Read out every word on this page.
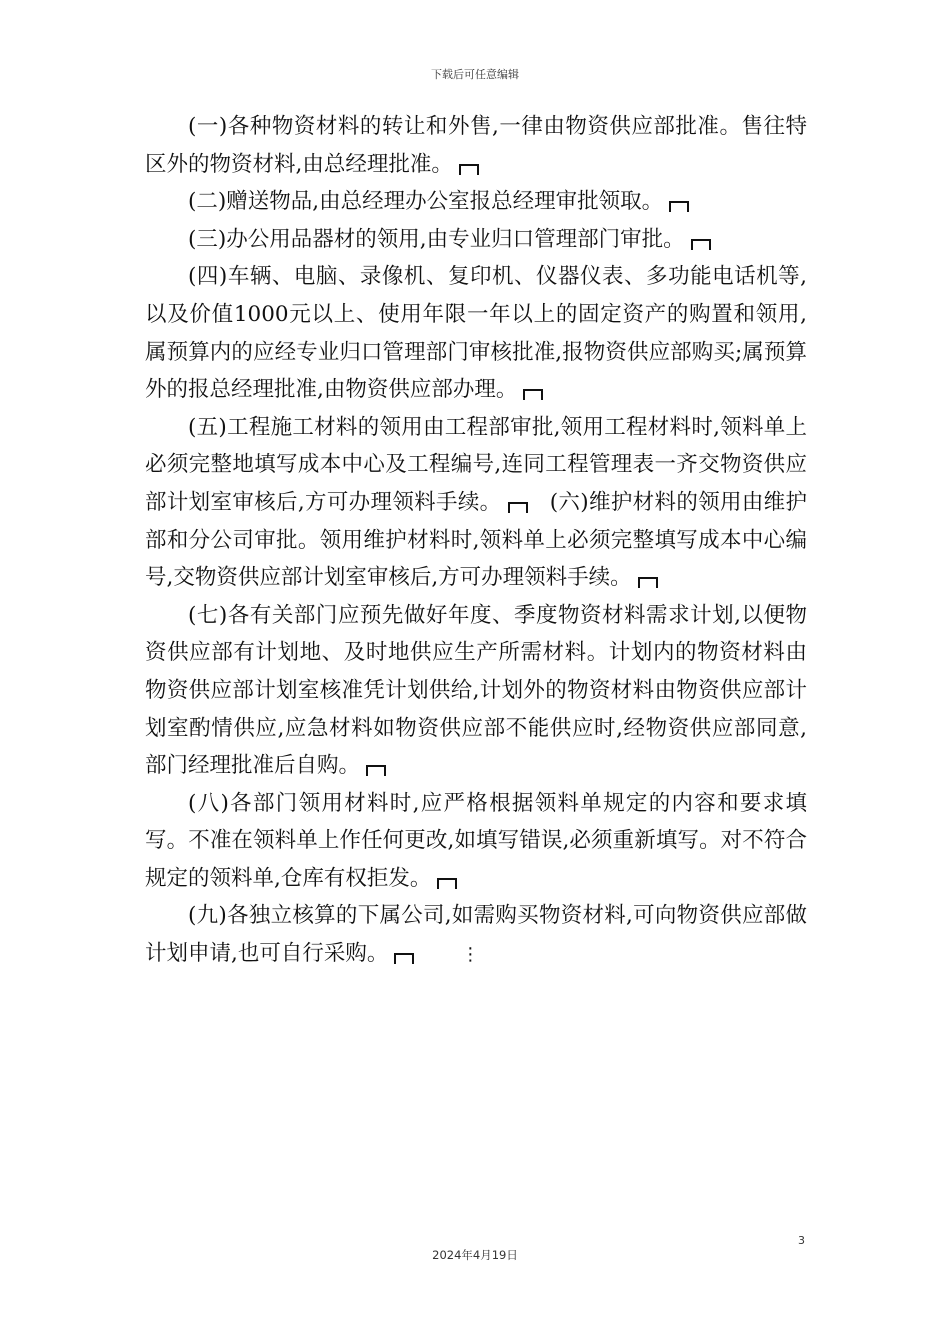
下载后可任意编辑

(一)各种物资材料的转让和外售,一律由物资供应部批准。售往特区外的物资材料,由总经理批准。

(二)赠送物品,由总经理办公室报总经理审批领取。

(三)办公用品器材的领用,由专业归口管理部门审批。

(四)车辆、电脑、录像机、复印机、仪器仪表、多功能电话机等,以及价值1000元以上、使用年限一年以上的固定资产的购置和领用,属预算内的应经专业归口管理部门审核批准,报物资供应部购买;属预算外的报总经理批准,由物资供应部办理。

(五)工程施工材料的领用由工程部审批,领用工程材料时,领料单上必须完整地填写成本中心及工程编号,连同工程管理表一齐交物资供应部计划室审核后,方可办理领料手续。　 (六)维护材料的领用由维护部和分公司审批。领用维护材料时,领料单上必须完整填写成本中心编号,交物资供应部计划室审核后,方可办理领料手续。

(七)各有关部门应预先做好年度、季度物资材料需求计划,以便物资供应部有计划地、及时地供应生产所需材料。计划内的物资材料由物资供应部计划室核准凭计划供给,计划外的物资材料由物资供应部计划室酌情供应,应急材料如物资供应部不能供应时,经物资供应部同意,部门经理批准后自购。

(八)各部门领用材料时,应严格根据领料单规定的内容和要求填写。不准在领料单上作任何更改,如填写错误,必须重新填写。对不符合规定的领料单,仓库有权拒发。

(九)各独立核算的下属公司,如需购买物资材料,可向物资供应部做计划申请,也可自行采购。	⋮

3
2024年4月19日
